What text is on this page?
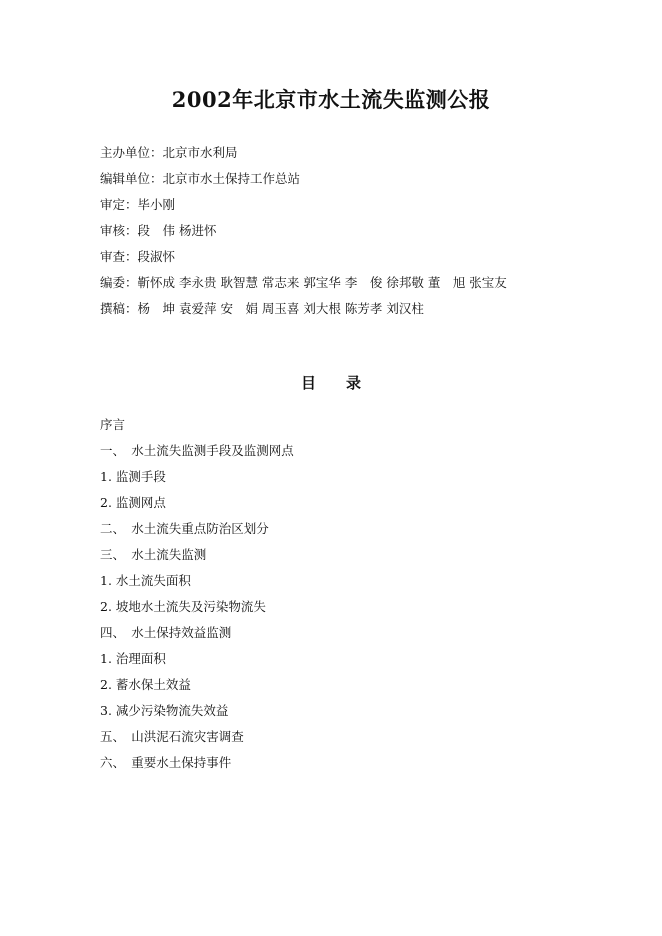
2002年北京市水土流失监测公报
主办单位：北京市水利局
编辑单位：北京市水土保持工作总站
审定：毕小刚
审核：段　伟 杨进怀
审查：段淑怀
编委：靳怀成 李永贵 耿智慧 常志来 郭宝华 李　俊 徐邦敬 董　旭 张宝友
撰稿：杨　坤 袁爱萍 安　娟 周玉喜 刘大根 陈芳孝 刘汉柱
目 录
序言
一、　水土流失监测手段及监测网点
1. 监测手段
2. 监测网点
二、　水土流失重点防治区划分
三、　水土流失监测
1. 水土流失面积
2. 坡地水土流失及污染物流失
四、　水土保持效益监测
1. 治理面积
2. 蓄水保土效益
3. 减少污染物流失效益
五、　山洪泥石流灾害调查
六、　重要水土保持事件
